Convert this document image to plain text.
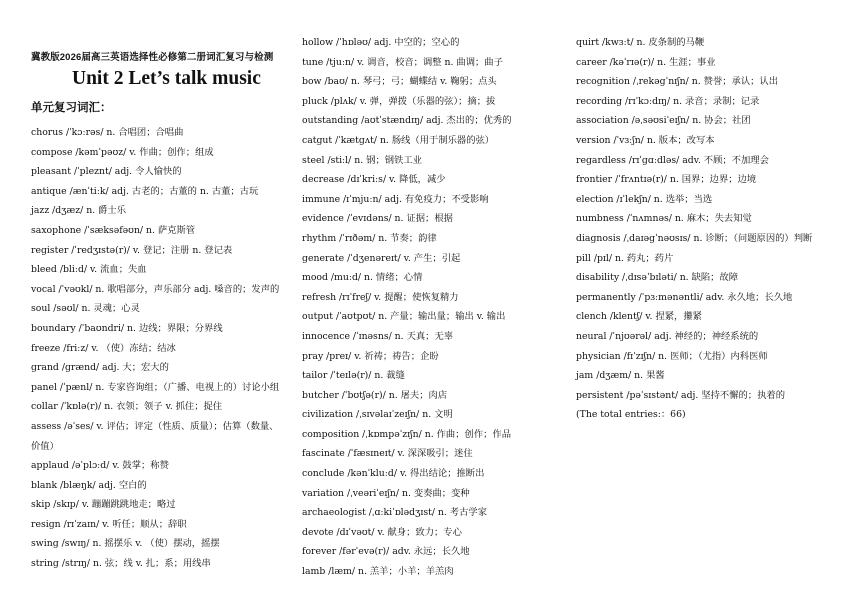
冀教版2026届高三英语选择性必修第二册词汇复习与检测
Unit 2 Let’s talk music
单元复习词汇：
chorus /ˈkɔːrəs/ n. 合唱团；合唱曲
compose /kəmˈpəʊz/ v. 作曲；创作；组成
pleasant /ˈpleznt/ adj. 令人愉快的
antique /ænˈtiːk/ adj. 古老的；古董的 n. 古董；古玩
jazz /dʒæz/ n. 爵士乐
saxophone /ˈsæksəfəʊn/ n. 萨克斯管
register /ˈredʒɪstə(r)/ v. 登记；注册 n. 登记表
bleed /bliːd/ v. 流血；失血
vocal /ˈvəʊkl/ n. 歌唱部分，声乐部分 adj. 嗓音的；发声的
soul /səʊl/ n. 灵魂；心灵
boundary /ˈbaʊndri/ n. 边线；界限；分界线
freeze /friːz/ v. （使）冻结；结冰
grand /grænd/ adj. 大；宏大的
panel /ˈpænl/ n. 专家咨询组；（广播、电视上的）讨论小组
collar /ˈkɒlə(r)/ n. 衣领；领子 v. 抓住；捉住
assess /əˈses/ v. 评估；评定（性质、质量）；估算（数量、
价值）
applaud /əˈplɔːd/ v. 鼓掌；称赞
blank /blæŋk/ adj. 空白的
skip /skɪp/ v. 蹦蹦跳跳地走；略过
resign /rɪˈzaɪn/ v. 听任；顺从；辞职
swing /swɪŋ/ n. 摇摆乐 v. （使）摆动，摇摆
string /strɪŋ/ n. 弦；线 v. 扎；系；用线串
hollow /ˈhɒləʊ/ adj. 中空的；空心的
tune /tjuːn/ v. 调音，校音；调整 n. 曲调；曲子
bow /baʊ/ n. 琴弓；弓；蝴蝶结 v. 鞠躬；点头
pluck /plʌk/ v. 弹，弹拨（乐器的弦）；摘；拔
outstanding /aʊtˈstændɪŋ/ adj. 杰出的；优秀的
catgut /ˈkætgʌt/ n. 肠线（用于制乐器的弦）
steel /stiːl/ n. 钢；钢铁工业
decrease /dɪˈkriːs/ v. 降低，减少
immune /ɪˈmjuːn/ adj. 有免疫力；不受影响
evidence /ˈevɪdəns/ n. 证据；根据
rhythm /ˈrɪðəm/ n. 节奏；韵律
generate /ˈdʒenəreɪt/ v. 产生；引起
mood /muːd/ n. 情绪；心情
refresh /rɪˈfreʃ/ v. 提醒；使恢复精力
output /ˈaʊtpʊt/ n. 产量；输出量；输出 v. 输出
innocence /ˈɪnəsns/ n. 天真；无辜
pray /preɪ/ v. 祈祷；祷告；企盼
tailor /ˈteɪlə(r)/ n. 裁缝
butcher /ˈbʊtʃə(r)/ n. 屠夫；肉店
civilization /ˌsɪvəlaɪˈzeɪʃn/ n. 文明
composition /ˌkɒmpəˈzɪʃn/ n. 作曲；创作；作品
fascinate /ˈfæsɪneɪt/ v. 深深吸引；迷住
conclude /kənˈkluːd/ v. 得出结论；推断出
variation /ˌveəriˈeɪʃn/ n. 变奏曲；变种
archaeologist /ˌɑːkiˈɒlədʒɪst/ n. 考古学家
devote /dɪˈvəʊt/ v. 献身；致力；专心
forever /fərˈevə(r)/ adv. 永远；长久地
lamb /læm/ n. 羔羊；小羊；羊羔肉
quirt /kwɜːt/ n. 皮条制的马鞭
career /kəˈrɪə(r)/ n. 生涯；事业
recognition /ˌrekəgˈnɪʃn/ n. 赞誉；承认；认出
recording /rɪˈkɔːdɪŋ/ n. 录音；录制；记录
association /əˌsəʊsiˈeɪʃn/ n. 协会；社团
version /ˈvɜːʃn/ n. 版本；改写本
regardless /rɪˈgɑːdləs/ adv. 不顾；不加理会
frontier /ˈfrʌntɪə(r)/ n. 国界；边界；边境
election /ɪˈlekʃn/ n. 选举；当选
numbness /ˈnʌmnəs/ n. 麻木；失去知觉
diagnosis /ˌdaɪəgˈnəʊsɪs/ n. 诊断；（问题原因的）判断
pill /pɪl/ n. 药丸；药片
disability /ˌdɪsəˈbɪləti/ n. 缺陷；故障
permanently /ˈpɜːmənəntli/ adv. 永久地；长久地
clench /klentʃ/ v. 捏紧，攥紧
neural /ˈnjʊərəl/ adj. 神经的；神经系统的
physician /fɪˈzɪʃn/ n. 医师；（尤指）内科医师
jam /dʒæm/ n. 果酱
persistent /pəˈsɪstənt/ adj. 坚持不懈的；执着的
(The total entries:：66)
